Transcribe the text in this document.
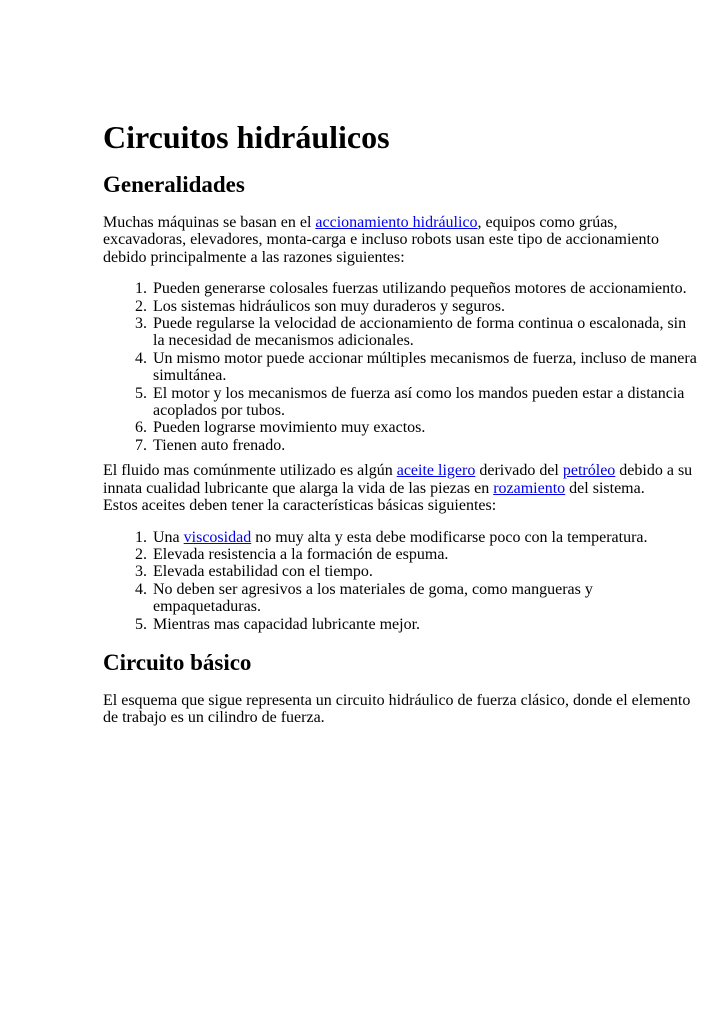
Circuitos hidráulicos
Generalidades

Muchas máquinas se basan en el accionamiento hidráulico, equipos como grúas, excavadoras, elevadores, monta-carga e incluso robots usan este tipo de accionamiento debido principalmente a las razones siguientes:

1. Pueden generarse colosales fuerzas utilizando pequeños motores de accionamiento.
2. Los sistemas hidráulicos son muy duraderos y seguros.
3. Puede regularse la velocidad de accionamiento de forma continua o escalonada, sin la necesidad de mecanismos adicionales.
4. Un mismo motor puede accionar múltiples mecanismos de fuerza, incluso de manera simultánea.
5. El motor y los mecanismos de fuerza así como los mandos pueden estar a distancia acoplados por tubos.
6. Pueden lograrse movimiento muy exactos.
7. Tienen auto frenado.

El fluido mas comúnmente utilizado es algún aceite ligero derivado del petróleo debido a su innata cualidad lubricante que alarga la vida de las piezas en rozamiento del sistema.
Estos aceites deben tener la características básicas siguientes:

1. Una viscosidad no muy alta y esta debe modificarse poco con la temperatura.
2. Elevada resistencia a la formación de espuma.
3. Elevada estabilidad con el tiempo.
4. No deben ser agresivos a los materiales de goma, como mangueras y empaquetaduras.
5. Mientras mas capacidad lubricante mejor.
Circuito básico

El esquema que sigue representa un circuito hidráulico de fuerza clásico, donde el elemento de trabajo es un cilindro de fuerza.
